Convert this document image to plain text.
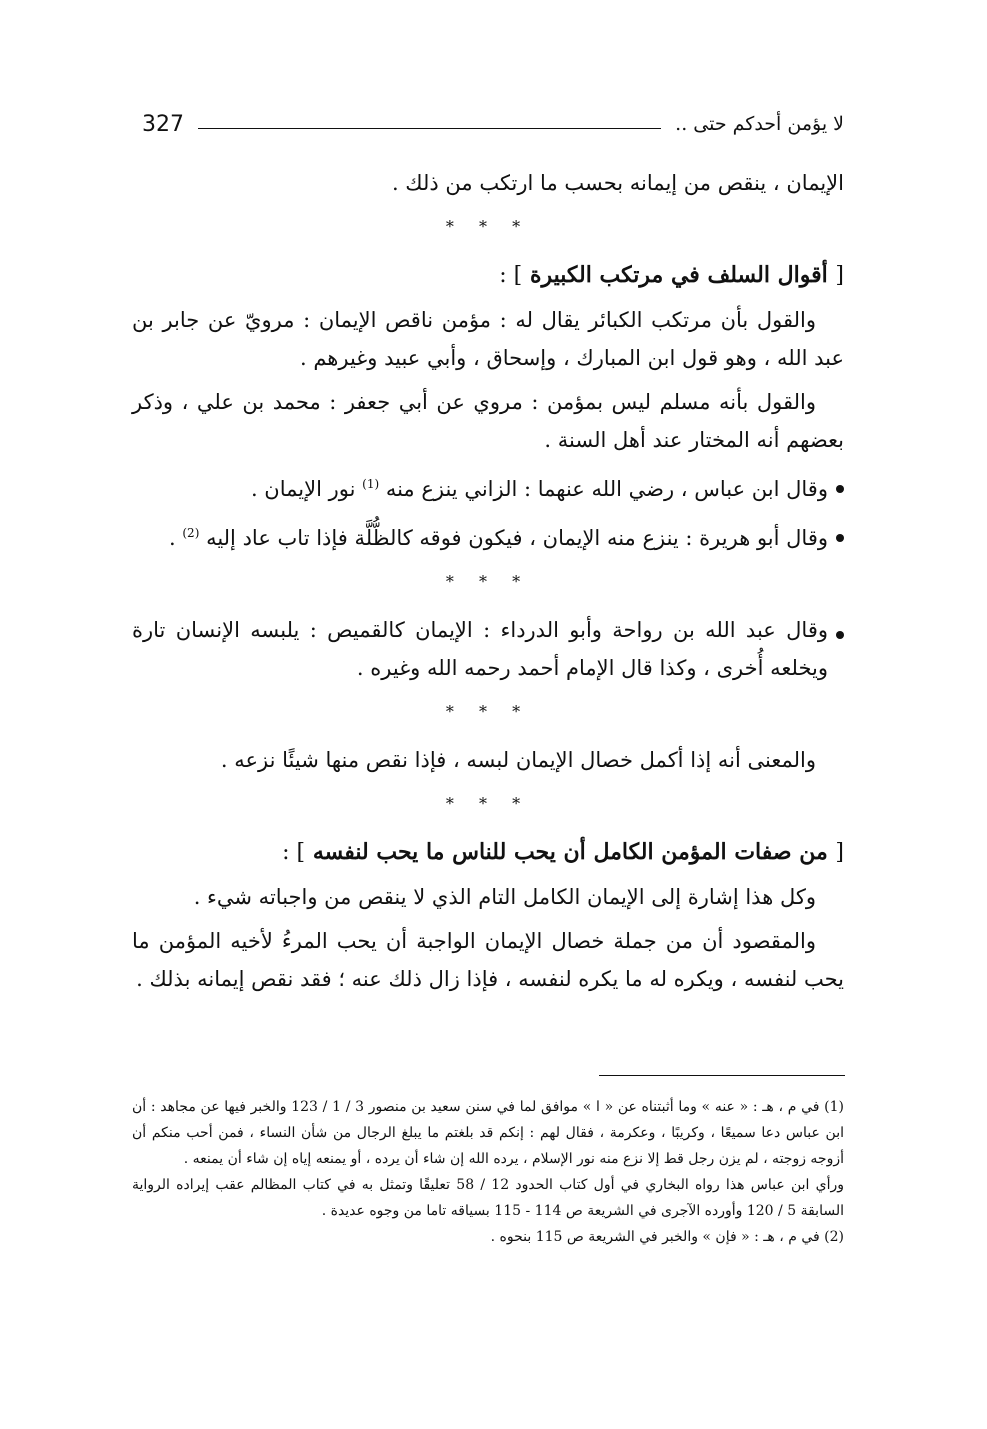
لا يؤمن أحدكم حتى ..
327

الإيمان ، ينقص من إيمانه بحسب ما ارتكب من ذلك .

* * *

[ أقوال السلف في مرتكب الكبيرة ] :

والقول بأن مرتكب الكبائر يقال له : مؤمن ناقص الإيمان : مرويّ عن جابر بن عبد الله ، وهو قول ابن المبارك ، وإسحاق ، وأبي عبيد وغيرهم .

والقول بأنه مسلم ليس بمؤمن : مروي عن أبي جعفر : محمد بن علي ، وذكر بعضهم أنه المختار عند أهل السنة .

وقال ابن عباس ، رضي الله عنهما : الزاني ينزع منه $^{(1)}$ نور الإيمان .
وقال أبو هريرة : ينزع منه الإيمان ، فيكون فوقه كالظُّلَّة فإذا تاب عاد إليه $^{(2)}$ .
* * *
وقال عبد الله بن رواحة وأبو الدرداء : الإيمان كالقميص : يلبسه الإنسان تارة ويخلعه أُخرى ، وكذا قال الإمام أحمد رحمه الله وغيره .
* * *

والمعنى أنه إذا أكمل خصال الإيمان لبسه ، فإذا نقص منها شيئًا نزعه .

* * *

[ من صفات المؤمن الكامل أن يحب للناس ما يحب لنفسه ] :

وكل هذا إشارة إلى الإيمان الكامل التام الذي لا ينقص من واجباته شيء .

والمقصود أن من جملة خصال الإيمان الواجبة أن يحب المرءُ لأخيه المؤمن ما يحب لنفسه ، ويكره له ما يكره لنفسه ، فإذا زال ذلك عنه ؛ فقد نقص إيمانه بذلك .

(1) في م ، هـ : « عنه » وما أثبتناه عن « ا » موافق لما في سنن سعيد بن منصور 3 / 1 / 123 والخبر فيها عن مجاهد : أن ابن عباس دعا سميعًا ، وكريبًا ، وعكرمة ، فقال لهم : إنكم قد بلغتم ما يبلغ الرجال من شأن النساء ، فمن أحب منكم أن أزوجه زوجته ، لم يزن رجل قط إلا نزع منه نور الإسلام ، يرده الله إن شاء أن يرده ، أو يمنعه إياه إن شاء أن يمنعه .

ورأي ابن عباس هذا رواه البخاري في أول كتاب الحدود 12 / 58 تعليقًا وتمثل به في كتاب المظالم عقب إيراده الرواية السابقة 5 / 120 وأورده الآجرى في الشريعة ص 114 - 115 بسياقه تاما من وجوه عديدة .

(2) في م ، هـ : « فإن » والخبر في الشريعة ص 115 بنحوه .
